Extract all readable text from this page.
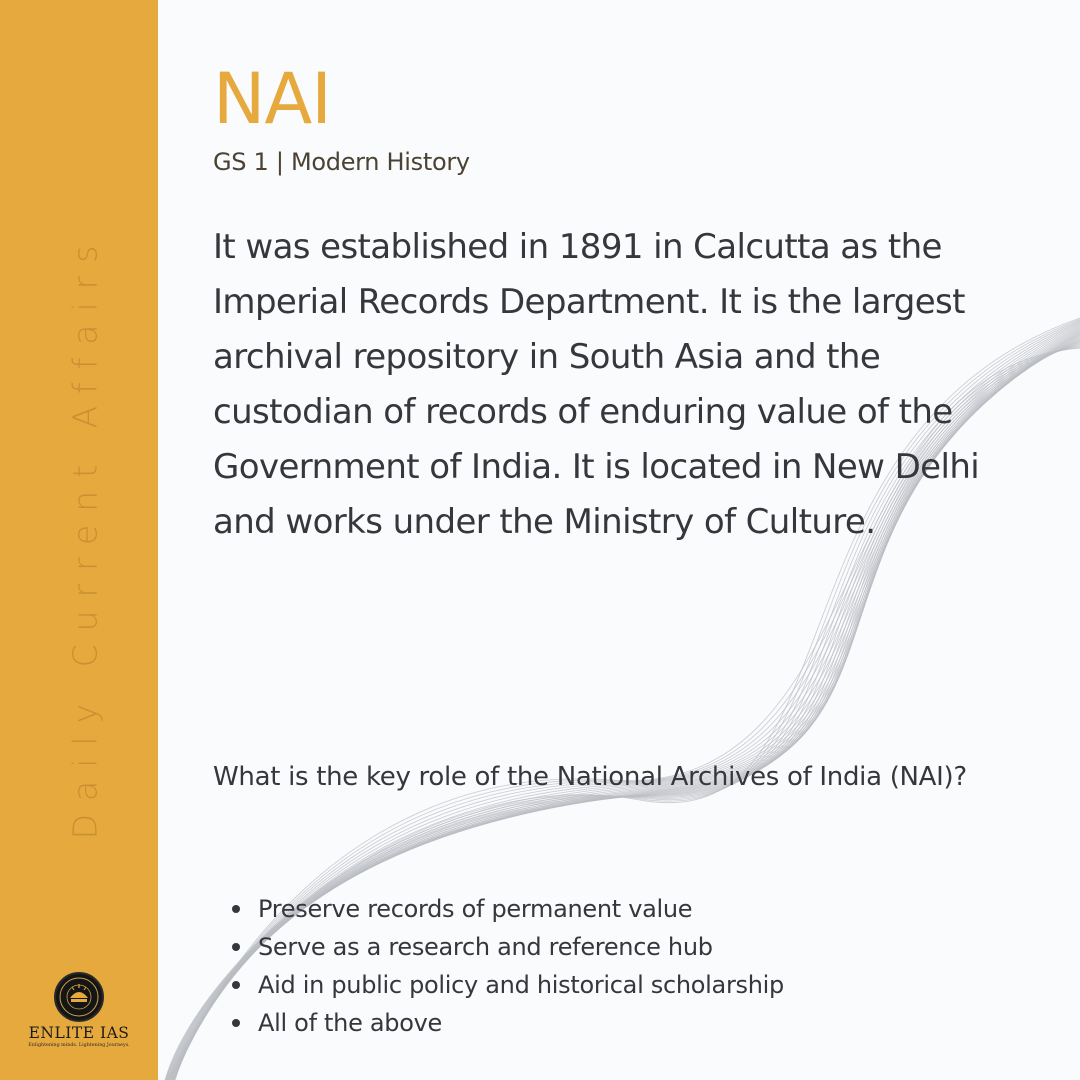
Daily Current Affairs
ENLITE IAS
Enlightening minds. Lightening Journeys.
NAI
GS 1 | Modern History

It was established in 1891 in Calcutta as the Imperial Records Department. It is the largest archival repository in South Asia and the custodian of records of enduring value of the Government of India. It is located in New Delhi and works under the Ministry of Culture.

What is the key role of the National Archives of India (NAI)?

Preserve records of permanent value
Serve as a research and reference hub
Aid in public policy and historical scholarship
All of the above
